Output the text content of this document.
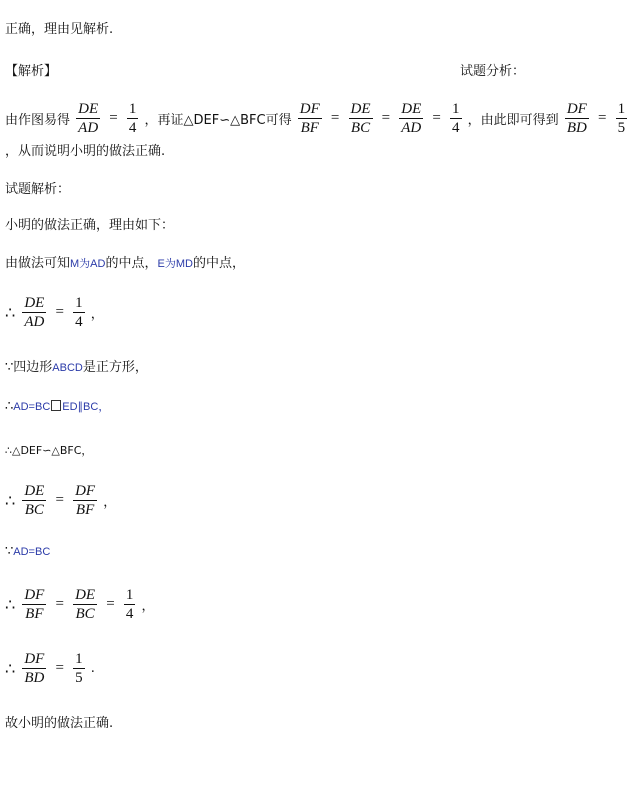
正确，理由见解析.
【解析】	试题分析：
由作图易得 $\frac{DE}{AD} = \frac{1}{4}$ ，再证△DEF∽△BFC可得 $\frac{DF}{BF} = \frac{DE}{BC} = \frac{DE}{AD} = \frac{1}{4}$ ，由此即可得到 $\frac{DF}{BD} = \frac{1}{5}$
，从而说明小明的做法正确.
试题解析：
小明的做法正确，理由如下：
由做法可知M为AD的中点，E为MD的中点，
∴ $\frac{DE}{AD} = \frac{1}{4}$ ，
∵四边形ABCD是正方形，
∴AD=BC ED∥BC，
∴△DEF∽△BFC，
∴ $\frac{DE}{BC} = \frac{DF}{BF}$ ，
∵AD=BC
∴ $\frac{DF}{BF} = \frac{DE}{BC} = \frac{1}{4}$ ，
∴ $\frac{DF}{BD} = \frac{1}{5}$ .
故小明的做法正确.
